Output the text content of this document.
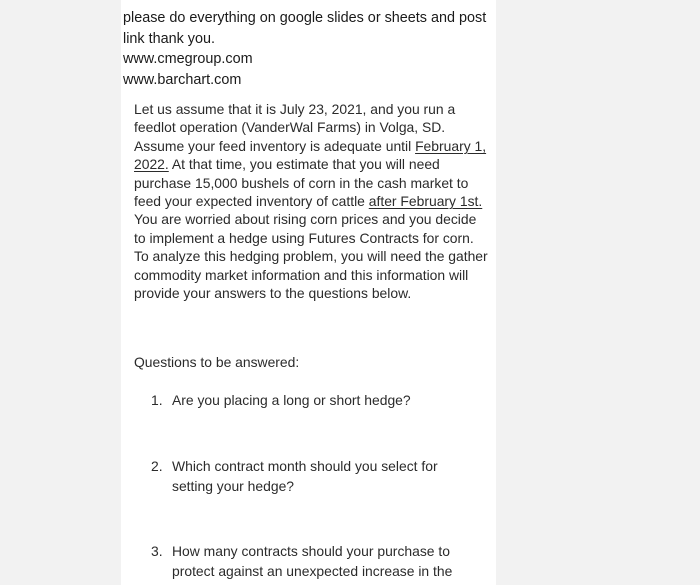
please do everything on google slides or sheets and post link thank you.

www.cmegroup.com

www.barchart.com

Let us assume that it is July 23, 2021, and you run a feedlot operation (VanderWal Farms) in Volga, SD. Assume your feed inventory is adequate until February 1, 2022. At that time, you estimate that you will need purchase 15,000 bushels of corn in the cash market to feed your expected inventory of cattle after February 1st. You are worried about rising corn prices and you decide to implement a hedge using Futures Contracts for corn. To analyze this hedging problem, you will need the gather commodity market information and this information will provide your answers to the questions below.

Questions to be answered:

1. Are you placing a long or short hedge?
2. Which contract month should you select for setting your hedge?
3. How many contracts should your purchase to protect against an unexpected increase in the
